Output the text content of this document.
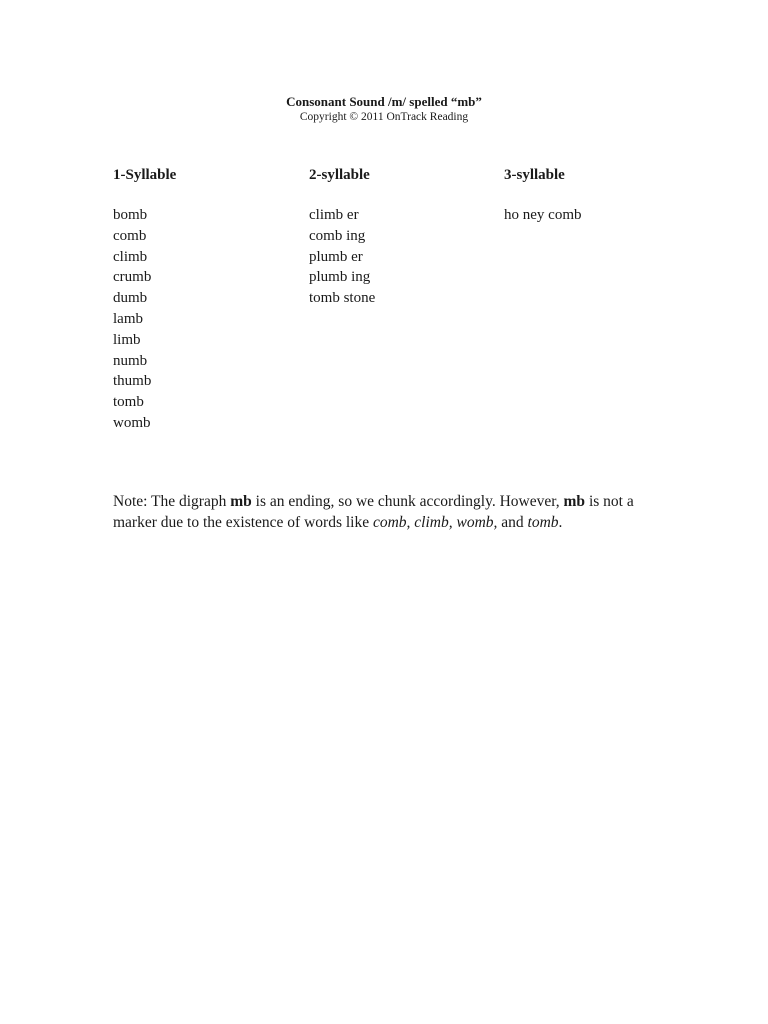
Consonant Sound /m/ spelled “mb”
Copyright © 2011 OnTrack Reading
1-Syllable
bomb
comb
climb
crumb
dumb
lamb
limb
numb
thumb
tomb
womb
2-syllable
climb er
comb ing
plumb er
plumb ing
tomb stone
3-syllable
ho ney comb

Note: The digraph mb is an ending, so we chunk accordingly. However, mb is not a marker due to the existence of words like comb, climb, womb, and tomb.
